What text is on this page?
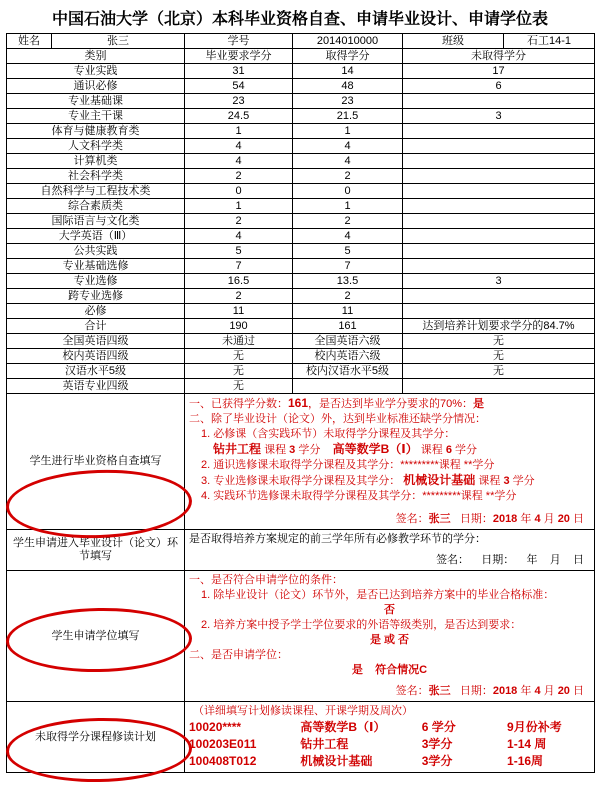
中国石油大学（北京）本科毕业资格自查、申请毕业设计、申请学位表
姓名	张三
		学号	2014010000		班级	石工14-1

类别	毕业要求学分	取得学分	未取得学分
专业实践	31	14	17
通识必修	54	48	6
专业基础课	23	23	
专业主干课	24.5	21.5	3
体育与健康教育类	1	1	
人文科学类	4	4	
计算机类	4	4	
社会科学类	2	2	
自然科学与工程技术类	0	0	
综合素质类	1	1	
国际语言与文化类	2	2	
大学英语（Ⅲ）	4	4	
公共实践	5	5	
专业基础选修	7	7	
专业选修	16.5	13.5	3
跨专业选修	2	2	
必修	11	11	
合计	190	161	达到培养计划要求学分的84.7%
全国英语四级	未通过	全国英语六级	无
校内英语四级	无	校内英语六级	无
汉语水平5级	无	校内汉语水平5级	无
英语专业四级	无		
学生进行毕业资格自查填写	
一、已获得学分数：161，是否达到毕业学分要求的70%：是
二、除了毕业设计（论文）外，达到毕业标准还缺学分情况：
1. 必修课（含实践环节）未取得学分课程及其学分：
钻井工程 课程 3 学分 高等数学B（Ⅰ） 课程 6 学分
2. 通识选修课未取得学分课程及其学分：*********课程 **学分
3. 专业选修课未取得学分课程及其学分： 机械设计基础 课程 3 学分
4. 实践环节选修课未取得学分课程及其学分：*********课程 **学分
签名：张三 日期：2018 年 4 月 20 日

学生申请进入毕业设计（论文）环节填写	
是否取得培养方案规定的前三学年所有必修教学环节的学分：
签名： 日期： 年 月 日

学生申请学位填写	
一、是否符合申请学位的条件：
1. 除毕业设计（论文）环节外，是否已达到培养方案中的毕业合格标准：
否
2. 培养方案中授予学士学位要求的外语等级类别，是否达到要求：
是 或 否
二、是否申请学位：
是 符合情况C
签名：张三 日期：2018 年 4 月 20 日

未取得学分课程修读计划	
（详细填写计划修读课程、开课学期及周次）
10020****	高等数学B（Ⅰ）	6 学分	9月份补考
100203E011	钻井工程	3学分	1-14 周
100408T012	机械设计基础	3学分	1-16周
